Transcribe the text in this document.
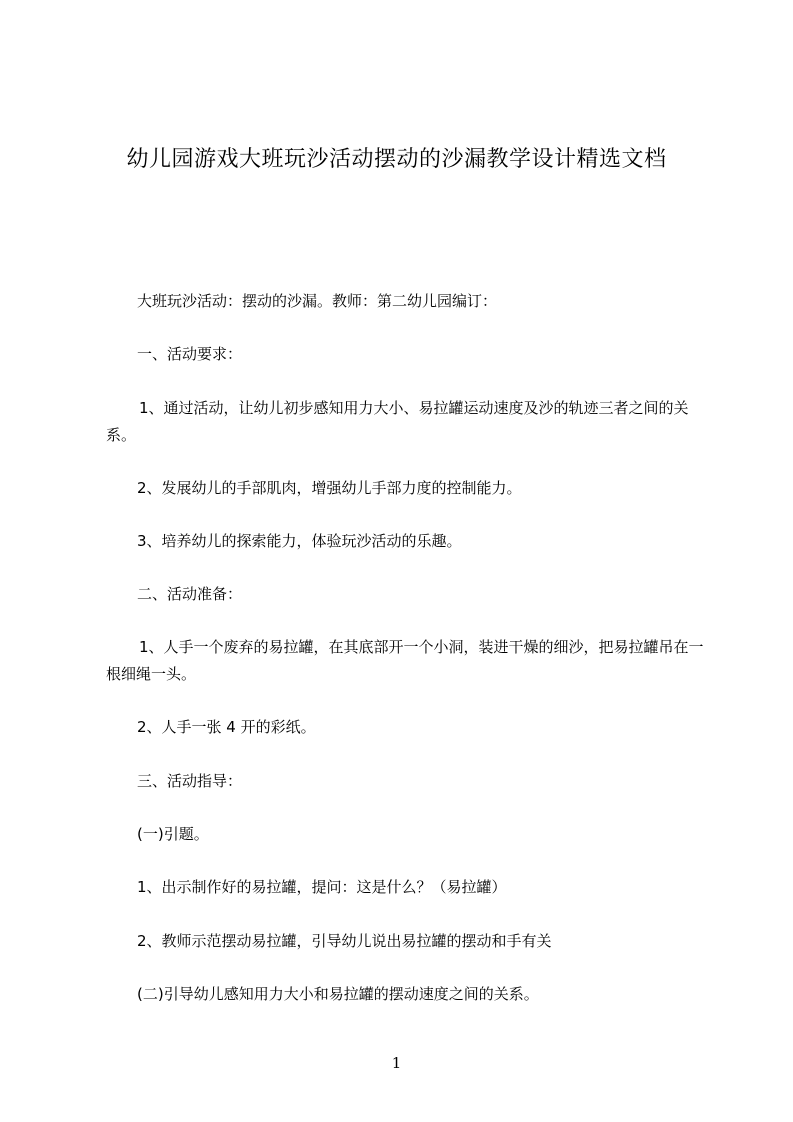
幼儿园游戏大班玩沙活动摆动的沙漏教学设计精选文档
大班玩沙活动：摆动的沙漏。教师：第二幼儿园编订：
一、活动要求：
1、通过活动，让幼儿初步感知用力大小、易拉罐运动速度及沙的轨迹三者之间的关系。
2、发展幼儿的手部肌肉，增强幼儿手部力度的控制能力。
3、培养幼儿的探索能力，体验玩沙活动的乐趣。
二、活动准备：
1、人手一个废弃的易拉罐，在其底部开一个小洞，装进干燥的细沙，把易拉罐吊在一根细绳一头。
2、人手一张 4 开的彩纸。
三、活动指导：
(一)引题。
1、出示制作好的易拉罐，提问：这是什么？（易拉罐）
2、教师示范摆动易拉罐，引导幼儿说出易拉罐的摆动和手有关
(二)引导幼儿感知用力大小和易拉罐的摆动速度之间的关系。
1
